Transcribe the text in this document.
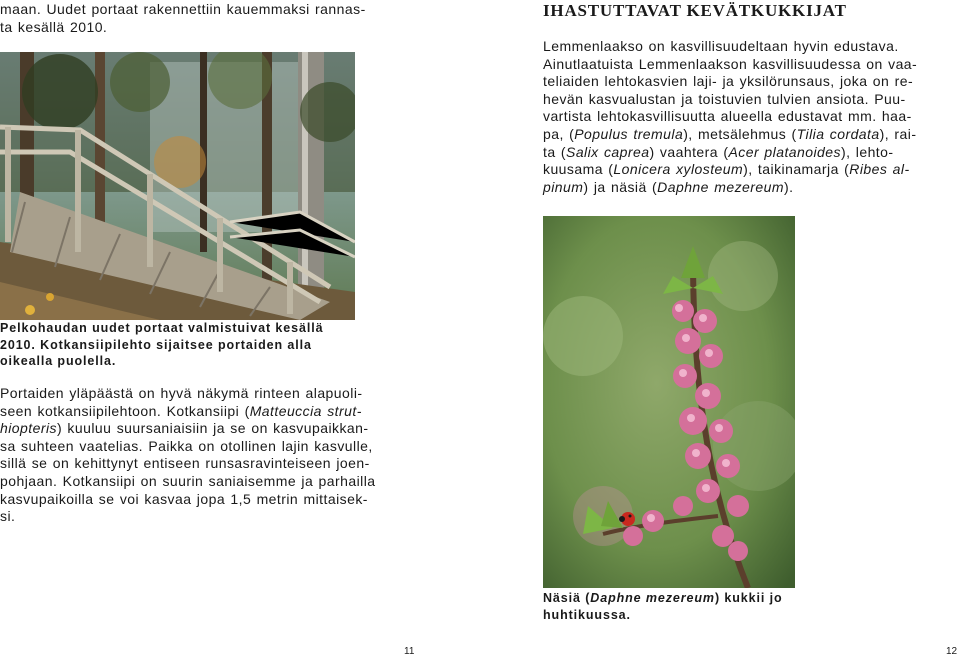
maan. Uudet portaat rakennettiin kauemmaksi rannas-
ta kesällä 2010.
Pelkohaudan uudet portaat valmistuivat kesällä
2010. Kotkansiipilehto sijaitsee portaiden alla
oikealla puolella.
Portaiden yläpäästä on hyvä näkymä rinteen alapuoli-
seen kotkansiipilehtoon. Kotkansiipi (Matteuccia strut-
hiopteris) kuuluu suursaniaisiin ja se on kasvupaikkan-
sa suhteen vaatelias. Paikka on otollinen lajin kasvulle,
sillä se on kehittynyt entiseen runsasravinteiseen joen-
pohjaan. Kotkansiipi on suurin saniaisemme ja parhailla
kasvupaikoilla se voi kasvaa jopa 1,5 metrin mittaisek-
si.
11
IHASTUTTAVAT KEVÄTKUKKIJAT
Lemmenlaakso on kasvillisuudeltaan hyvin edustava.
Ainutlaatuista Lemmenlaakson kasvillisuudessa on vaa-
teliaiden lehtokasvien laji- ja yksilörunsaus, joka on re-
hevän kasvualustan ja toistuvien tulvien ansiota. Puu-
vartista lehtokasvillisuutta alueella edustavat mm. haa-
pa, (Populus tremula), metsälehmus (Tilia cordata), rai-
ta (Salix caprea) vaahtera (Acer platanoides), lehto-
kuusama (Lonicera xylosteum), taikinamarja (Ribes al-
pinum) ja näsiä (Daphne mezereum).
Näsiä (Daphne mezereum) kukkii jo
huhtikuussa.
12
